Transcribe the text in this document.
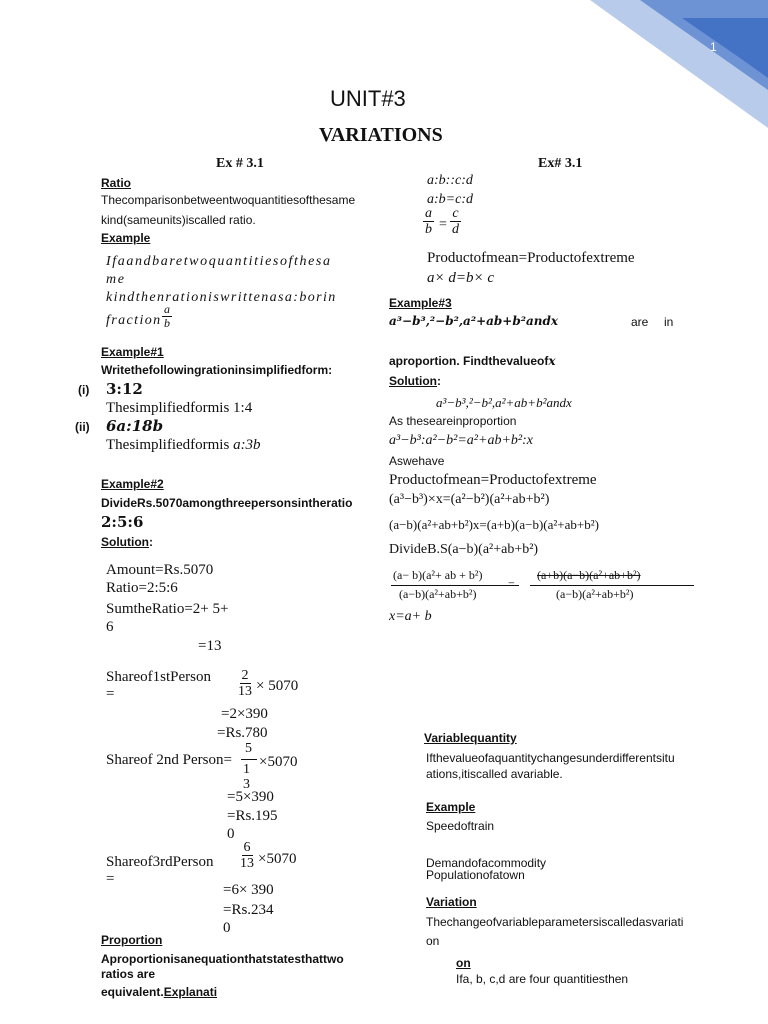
1
UNIT#3
VARIATIONS
Ex # 3.1
Ratio
Thecomparisonbetweentwoquantitiesofthesame
kind(sameunits)iscalled ratio.
Example
Ifaandbaretwoquantitiesofthesa
me
kindthenrationiswrittenasa:borin
fraction $\frac{a}{b}$
Example#1
Writethefollowingrationinsimplifiedform:
(i) 3:12
Thesimplifiedformis 1:4
(ii) 6a:18b
Thesimplifiedformis a:3b
Example#2
DivideRs.5070amongthreepersonsintheratio
2:5:6
Solution:
Amount=Rs.5070
Ratio=2:5:6
SumtheRatio=2+ 5+
6
=13
Shareof1stPerson
=	$\frac{2}{13} \times 5070$
=2×390
=Rs.780
Shareof 2nd Person=
5
1
3
×5070
=5×390
=Rs.195
0
Shareof3rdPerson
=
$\frac{6}{13} \times 5070$
=6× 390
=Rs.234
0
Proportion
Aproportionisanequationthatstatesthattwo
ratios are
equivalent.Explanati
Ex# 3.1
a:b::c:d
a:b=c:d
$\frac{a}{b} = \frac{c}{d}$
Productofmean=Productofextreme
a× d=b× c
Example#3
a³−b³,²−b²,a²+ab+b²andx	are in
aproportion. Findthevalueofx
Solution:
a³−b³,²−b²,a²+ab+b²andx
As theseareinproportion
a³−b³:a²−b²=a²+ab+b²:x
Aswehave
Productofmean=Productofextreme
(a³−b³)×x=(a²−b²)(a²+ab+b²)
(a−b)(a²+ab+b²)x=(a+b)(a−b)(a²+ab+b²)
DivideB.S(a−b)(a²+ab+b²)
(a− b)(a²+ ab + b²)
(a−b)(a²+ab+b²)
=
(a+b)(a−b)(a²+ab+b²)
(a−b)(a²+ab+b²)
x=a+ b
Variablequantity
Ifthevalueofaquantitychangesunderdifferentsitu
ations,itiscalled avariable.
Example
Speedoftrain
Demandofacommodity
Populationofatown
Variation
Thechangeofvariableparametersiscalledasvariati
on
on
Ifa, b, c,d are four quantitiesthen
